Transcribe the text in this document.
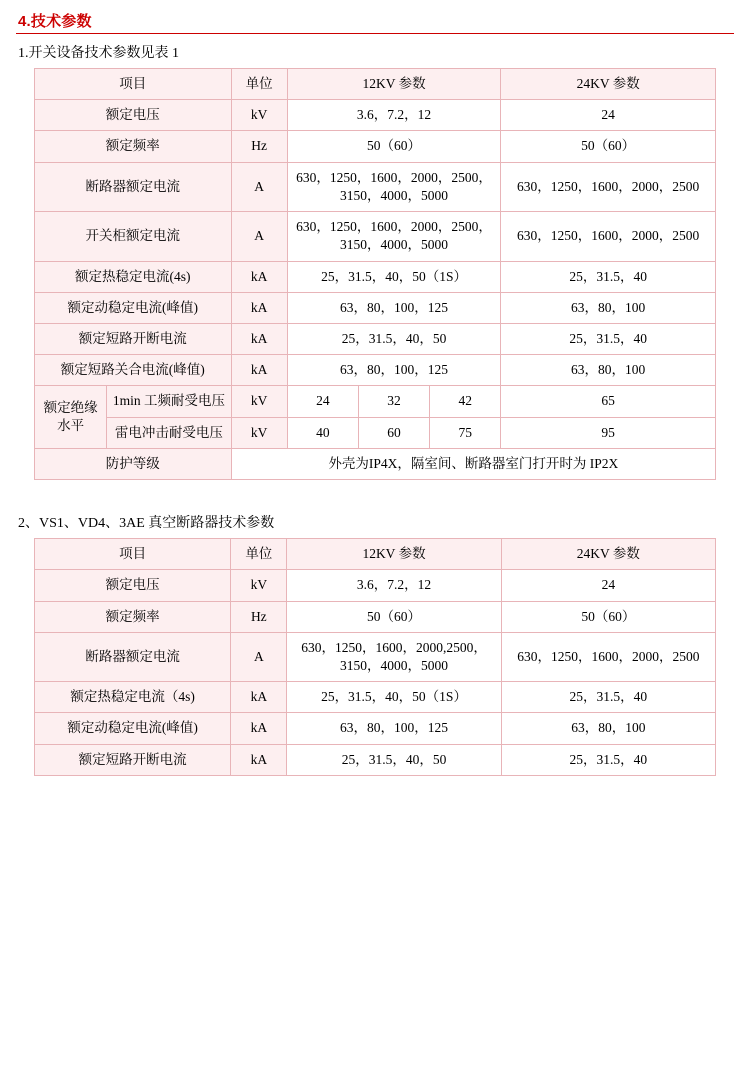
4.技术参数
1.开关设备技术参数见表 1
项目		单位	12KV 参数			24KV 参数
额定电压		kV	3.6，7.2，12			24
额定频率		Hz	50（60）			50（60）
断路器额定电流		A	630，1250，1600，2000，2500，3150，4000，5000			630，1250，1600，2000，2500
开关柜额定电流		A	630，1250，1600，2000，2500，3150，4000，5000			630，1250，1600，2000，2500
额定热稳定电流(4s)		kA	25，31.5，40，50（1S）			25，31.5，40
额定动稳定电流(峰值)		kA	63，80，100，125			63，80，100
额定短路开断电流		kA	25，31.5，40，50			25，31.5，40
额定短路关合电流(峰值)		kA	63，80，100，125			63，80，100
额定绝缘水平	1min 工频耐受电压	kV	24	32	42	65
	雷电冲击耐受电压	kV	40	60	75	95
防护等级		外壳为IP4X，隔室间、断路器室门打开时为 IP2X				
2、VS1、VD4、3AE 真空断路器技术参数
项目	单位	12KV 参数	24KV 参数
额定电压	kV	3.6，7.2，12	24
额定频率	Hz	50（60）	50（60）
断路器额定电流	A	630，1250，1600，2000,2500，3150，4000，5000	630，1250，1600，2000，2500
额定热稳定电流（4s)	kA	25，31.5，40，50（1S）	25，31.5，40
额定动稳定电流(峰值)	kA	63，80，100，125	63，80，100
额定短路开断电流	kA	25，31.5，40，50	25，31.5，40
